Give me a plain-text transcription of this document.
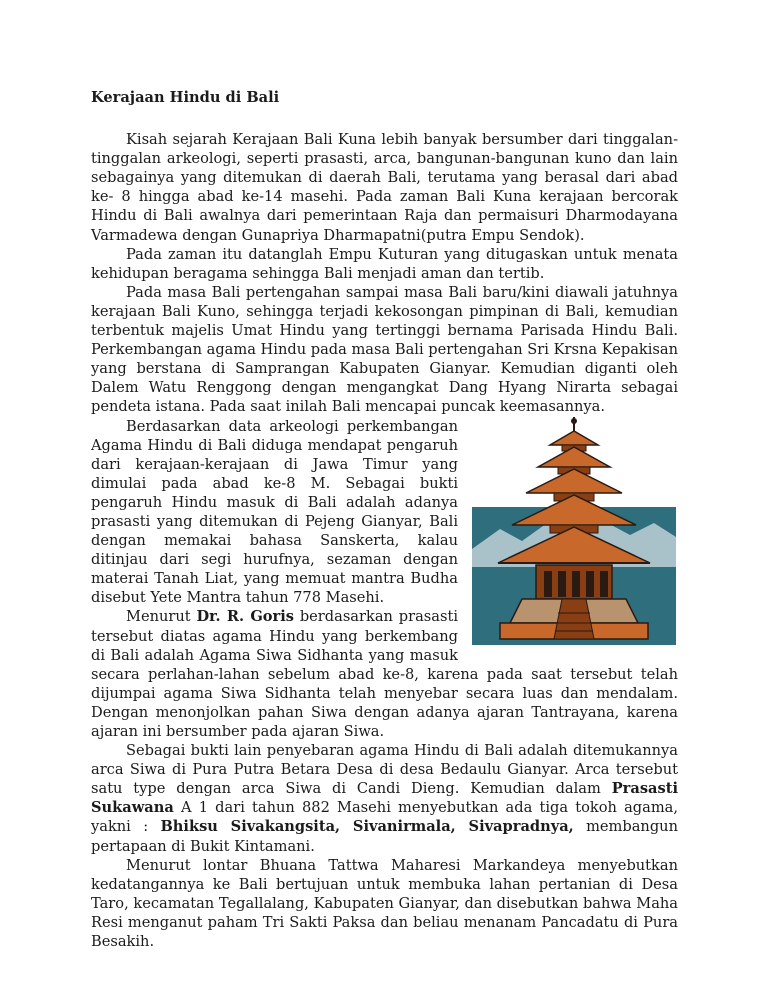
Kerajaan Hindu di Bali

Kisah sejarah Kerajaan Bali Kuna lebih banyak bersumber dari tinggalan-tinggalan arkeologi, seperti prasasti, arca, bangunan-bangunan kuno dan lain sebagainya yang ditemukan di daerah Bali, terutama yang berasal dari abad ke- 8 hingga abad ke-14 masehi. Pada zaman Bali Kuna kerajaan bercorak Hindu di Bali awalnya dari pemerintaan Raja dan permaisuri Dharmodayana Varmadewa dengan Gunapriya Dharmapatni(putra Empu Sendok).

Pada zaman itu datanglah Empu Kuturan yang ditugaskan untuk menata kehidupan beragama sehingga Bali menjadi aman dan tertib.

Pada masa Bali pertengahan sampai masa Bali baru/kini diawali jatuhnya kerajaan Bali Kuno, sehingga terjadi kekosongan pimpinan di Bali, kemudian terbentuk majelis Umat Hindu yang tertinggi bernama Parisada Hindu Bali. Perkembangan agama Hindu pada masa Bali pertengahan Sri Krsna Kepakisan yang berstana di Samprangan Kabupaten Gianyar. Kemudian diganti oleh Dalem Watu Renggong dengan mengangkat Dang Hyang Nirarta sebagai pendeta istana. Pada saat inilah Bali mencapai puncak keemasannya.

Berdasarkan data arkeologi perkembangan Agama Hindu di Bali diduga mendapat pengaruh dari kerajaan-kerajaan di Jawa Timur yang dimulai pada abad ke-8 M. Sebagai bukti pengaruh Hindu masuk di Bali adalah adanya prasasti yang ditemukan di Pejeng Gianyar, Bali dengan memakai bahasa Sanskerta, kalau ditinjau dari segi hurufnya, sezaman dengan materai Tanah Liat, yang memuat mantra Budha disebut Yete Mantra tahun 778 Masehi.

Menurut Dr. R. Goris berdasarkan prasasti tersebut diatas agama Hindu yang berkembang di Bali adalah Agama Siwa Sidhanta yang masuk secara perlahan-lahan sebelum abad ke-8, karena pada saat tersebut telah dijumpai agama Siwa Sidhanta telah menyebar secara luas dan mendalam. Dengan menonjolkan pahan Siwa dengan adanya ajaran Tantrayana, karena ajaran ini bersumber pada ajaran Siwa.

Sebagai bukti lain penyebaran agama Hindu di Bali adalah ditemukannya arca Siwa di Pura Putra Betara Desa di desa Bedaulu Gianyar. Arca tersebut satu type dengan arca Siwa di Candi Dieng. Kemudian dalam Prasasti Sukawana A 1 dari tahun 882 Masehi menyebutkan ada tiga tokoh agama, yakni : Bhiksu Sivakangsita, Sivanirmala, Sivapradnya, membangun pertapaan di Bukit Kintamani.

Menurut lontar Bhuana Tattwa Maharesi Markandeya menyebutkan kedatangannya ke Bali bertujuan untuk membuka lahan pertanian di Desa Taro, kecamatan Tegallalang, Kabupaten Gianyar, dan disebutkan bahwa Maha Resi menganut paham Tri Sakti Paksa dan beliau menanam Pancadatu di Pura Besakih.
